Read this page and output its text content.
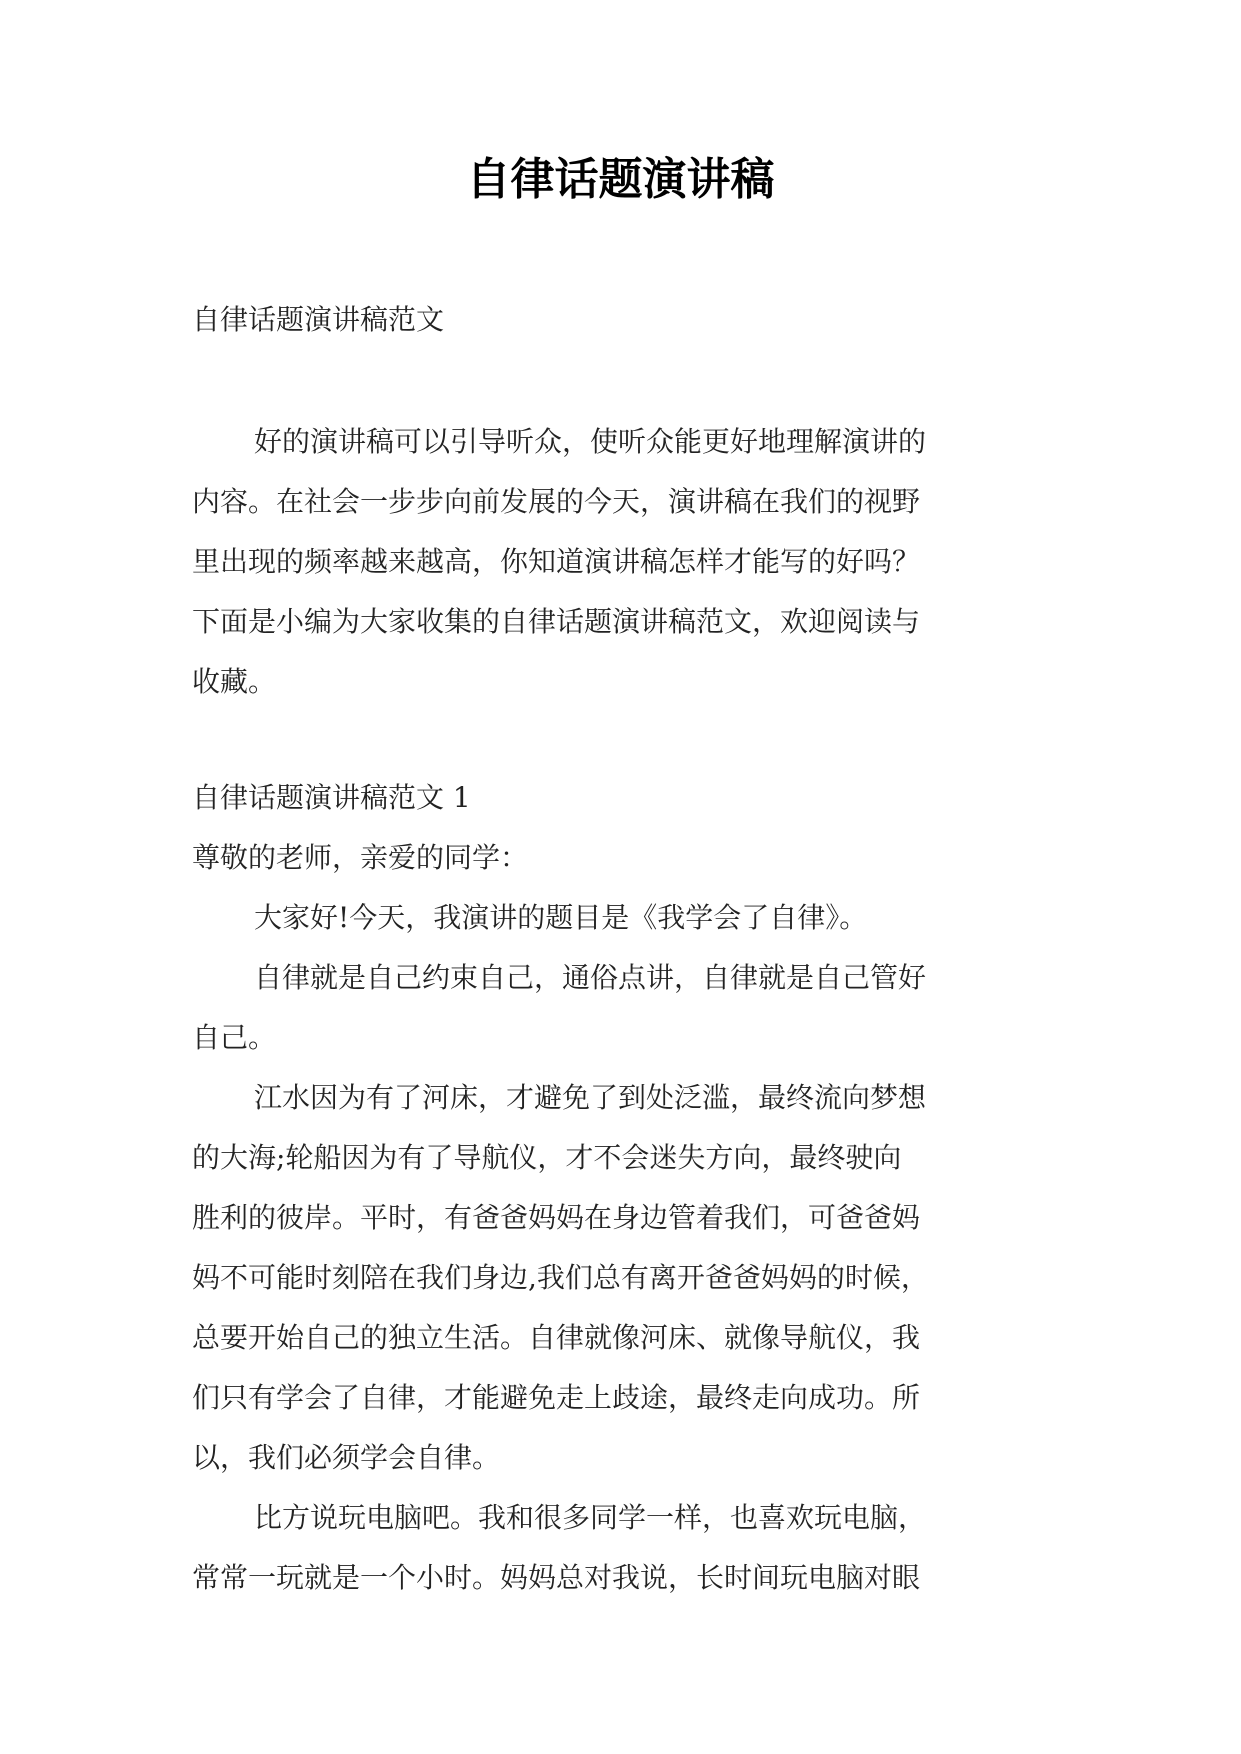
自律话题演讲稿
自律话题演讲稿范文
好的演讲稿可以引导听众，使听众能更好地理解演讲的
内容。在社会一步步向前发展的今天，演讲稿在我们的视野
里出现的频率越来越高，你知道演讲稿怎样才能写的好吗？
下面是小编为大家收集的自律话题演讲稿范文，欢迎阅读与
收藏。
自律话题演讲稿范文 1
尊敬的老师，亲爱的同学：
大家好!今天，我演讲的题目是《我学会了自律》。
自律就是自己约束自己，通俗点讲，自律就是自己管好
自己。
江水因为有了河床，才避免了到处泛滥，最终流向梦想
的大海;轮船因为有了导航仪，才不会迷失方向，最终驶向
胜利的彼岸。平时，有爸爸妈妈在身边管着我们，可爸爸妈
妈不可能时刻陪在我们身边,我们总有离开爸爸妈妈的时候，
总要开始自己的独立生活。自律就像河床、就像导航仪，我
们只有学会了自律，才能避免走上歧途，最终走向成功。所
以，我们必须学会自律。
比方说玩电脑吧。我和很多同学一样，也喜欢玩电脑，
常常一玩就是一个小时。妈妈总对我说，长时间玩电脑对眼
